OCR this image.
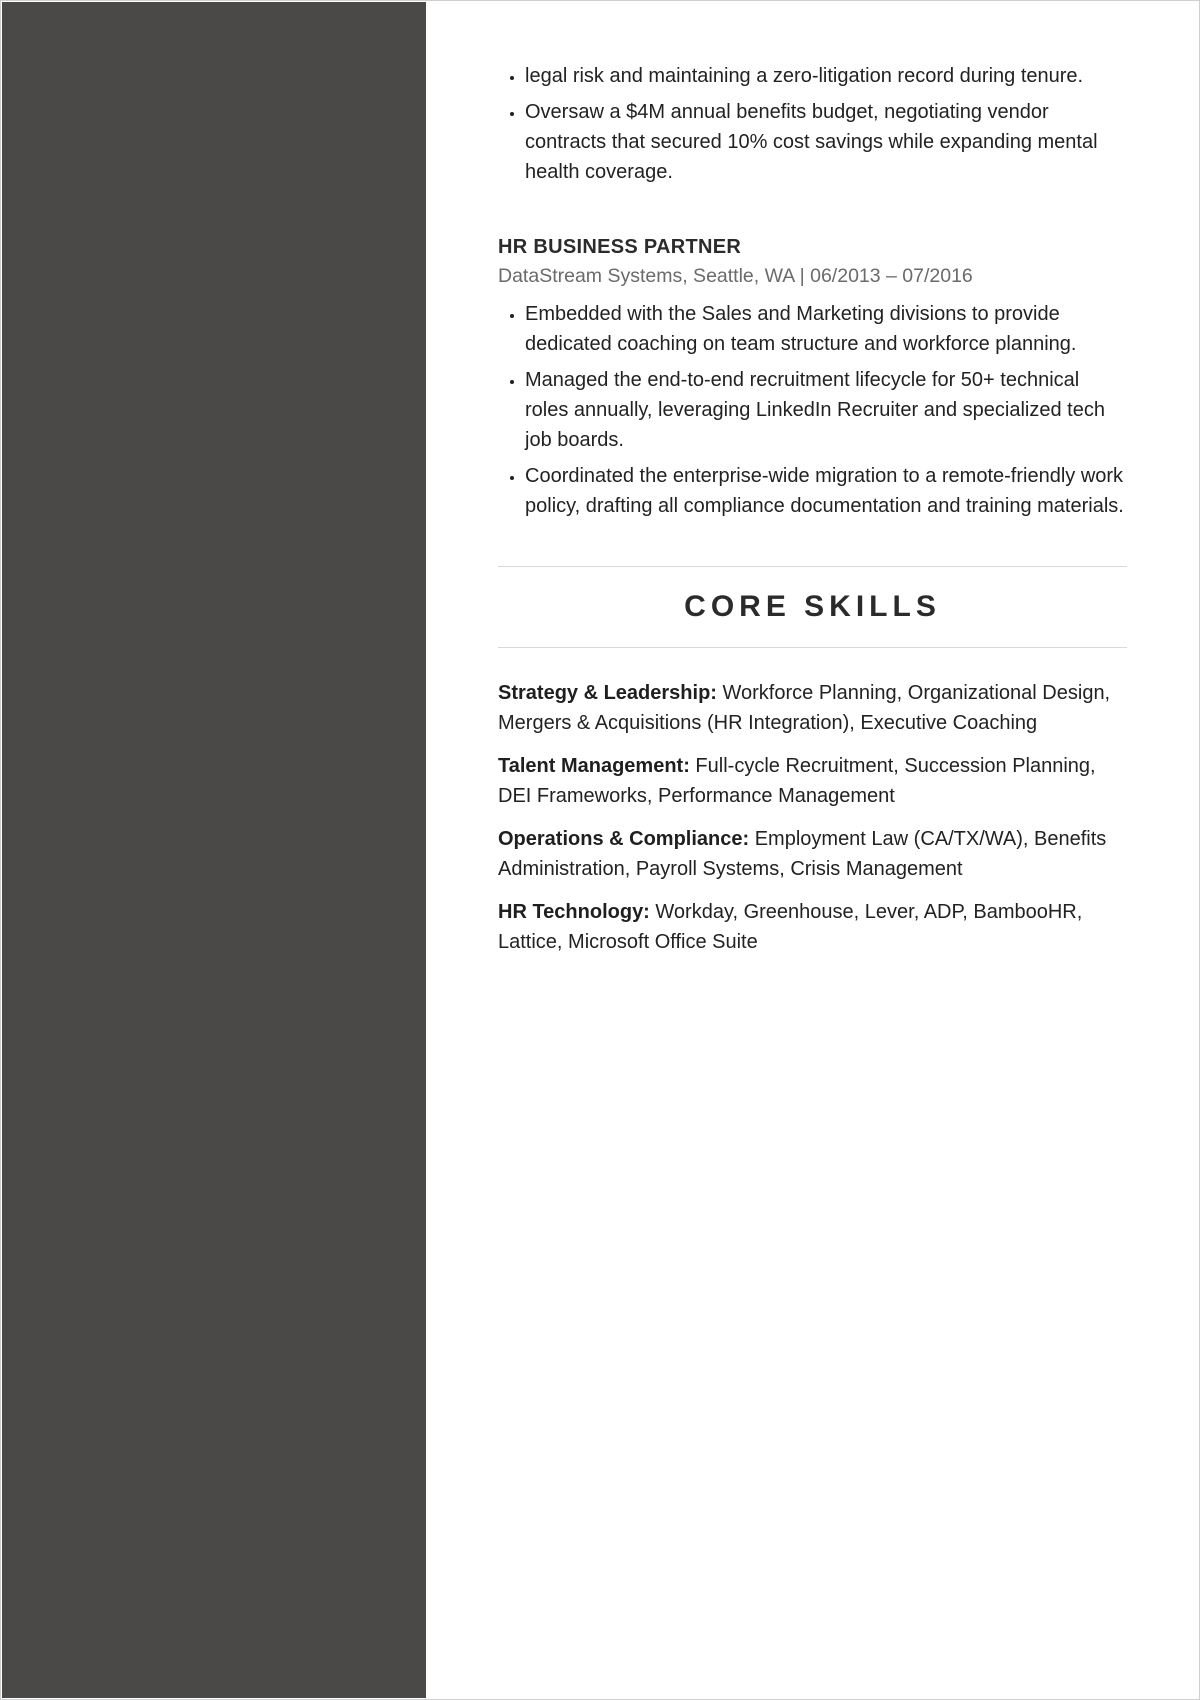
• legal risk and maintaining a zero-litigation record during tenure.
• Oversaw a $4M annual benefits budget, negotiating vendor contracts that secured 10% cost savings while expanding mental health coverage.
HR BUSINESS PARTNER
DataStream Systems, Seattle, WA | 06/2013 – 07/2016
• Embedded with the Sales and Marketing divisions to provide dedicated coaching on team structure and workforce planning.
• Managed the end-to-end recruitment lifecycle for 50+ technical roles annually, leveraging LinkedIn Recruiter and specialized tech job boards.
• Coordinated the enterprise-wide migration to a remote-friendly work policy, drafting all compliance documentation and training materials.
CORE SKILLS

Strategy & Leadership: Workforce Planning, Organizational Design, Mergers & Acquisitions (HR Integration), Executive Coaching

Talent Management: Full-cycle Recruitment, Succession Planning, DEI Frameworks, Performance Management

Operations & Compliance: Employment Law (CA/TX/WA), Benefits Administration, Payroll Systems, Crisis Management

HR Technology: Workday, Greenhouse, Lever, ADP, BambooHR, Lattice, Microsoft Office Suite
